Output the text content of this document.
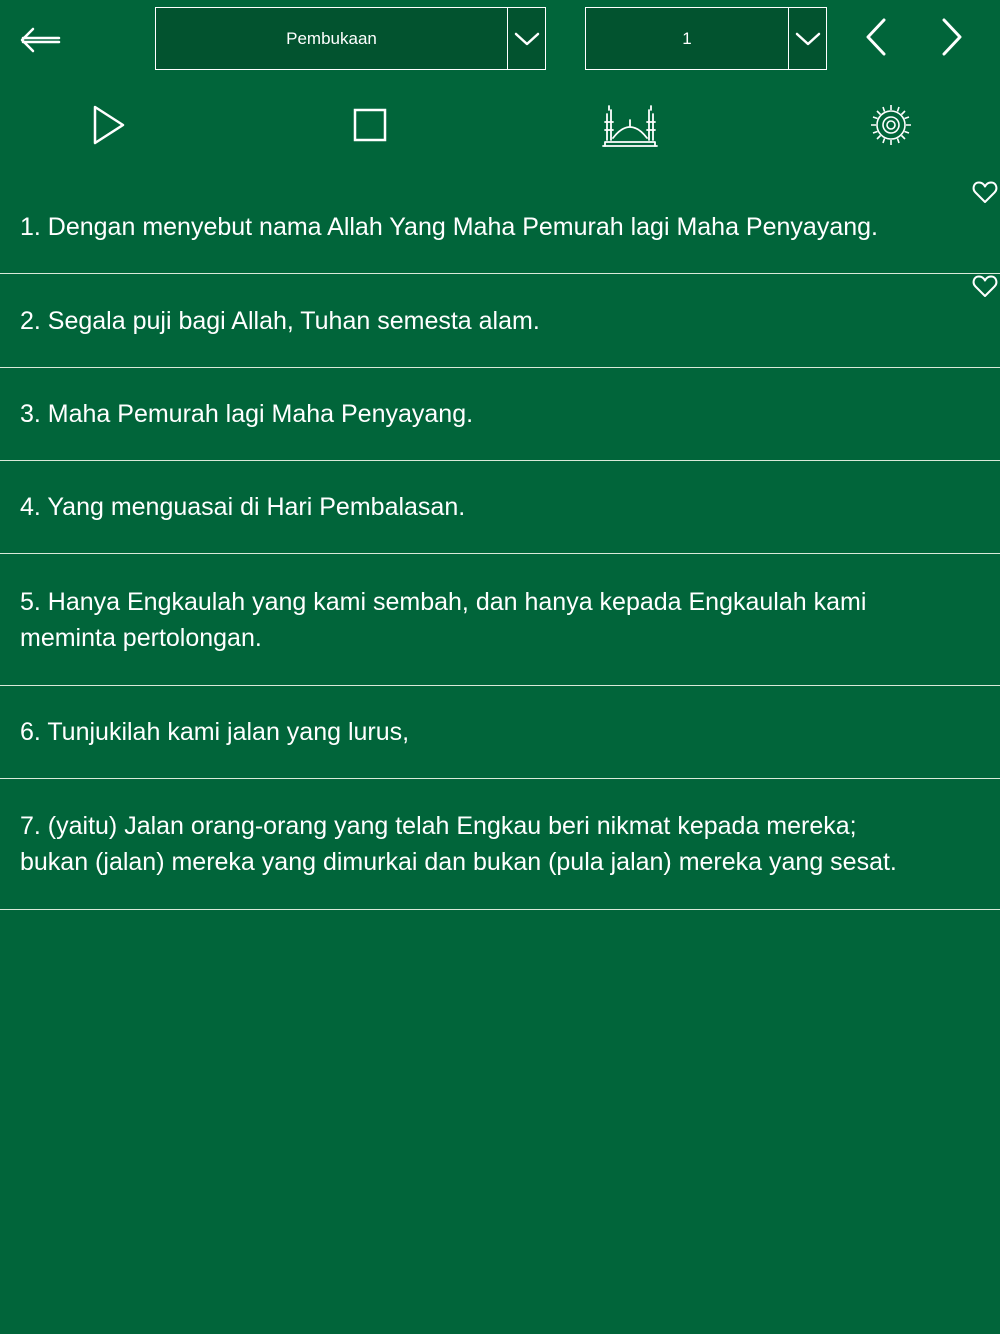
Pembukaan	1
1. Dengan menyebut nama Allah Yang Maha Pemurah lagi Maha Penyayang.
2. Segala puji bagi Allah, Tuhan semesta alam.
3. Maha Pemurah lagi Maha Penyayang.
4. Yang menguasai di Hari Pembalasan.
5. Hanya Engkaulah yang kami sembah, dan hanya kepada Engkaulah kami meminta pertolongan.
6. Tunjukilah kami jalan yang lurus,
7. (yaitu) Jalan orang-orang yang telah Engkau beri nikmat kepada mereka; bukan (jalan) mereka yang dimurkai dan bukan (pula jalan) mereka yang sesat.
